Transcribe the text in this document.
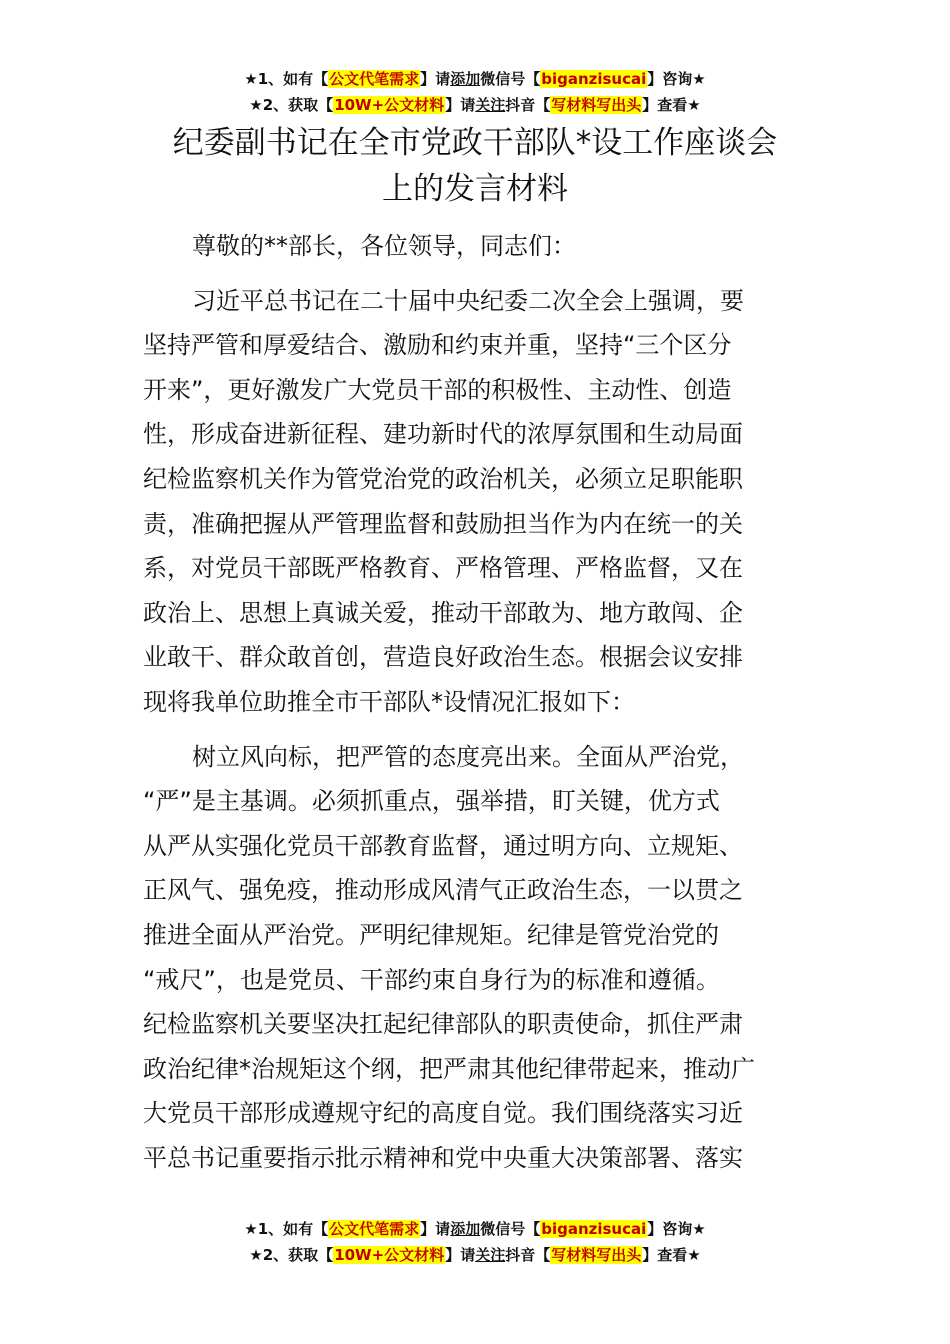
★1、如有【公文代笔需求】请添加微信号【biganzisucai】咨询★
★2、获取【10W+公文材料】请关注抖音【写材料写出头】查看★
纪委副书记在全市党政干部队*设工作座谈会
上的发言材料

尊敬的**部长，各位领导，同志们：

习近平总书记在二十届中央纪委二次全会上强调，要
坚持严管和厚爱结合、激励和约束并重，坚持“三个区分
开来”，更好激发广大党员干部的积极性、主动性、创造
性，形成奋进新征程、建功新时代的浓厚氛围和生动局面
纪检监察机关作为管党治党的政治机关，必须立足职能职
责，准确把握从严管理监督和鼓励担当作为内在统一的关
系，对党员干部既严格教育、严格管理、严格监督，又在
政治上、思想上真诚关爱，推动干部敢为、地方敢闯、企
业敢干、群众敢首创，营造良好政治生态。根据会议安排
现将我单位助推全市干部队*设情况汇报如下：

树立风向标，把严管的态度亮出来。全面从严治党，
“严”是主基调。必须抓重点，强举措，盯关键，优方式
从严从实强化党员干部教育监督，通过明方向、立规矩、
正风气、强免疫，推动形成风清气正政治生态，一以贯之
推进全面从严治党。严明纪律规矩。纪律是管党治党的
“戒尺”，也是党员、干部约束自身行为的标准和遵循。
纪检监察机关要坚决扛起纪律部队的职责使命，抓住严肃
政治纪律*治规矩这个纲，把严肃其他纪律带起来，推动广
大党员干部形成遵规守纪的高度自觉。我们围绕落实习近
平总书记重要指示批示精神和党中央重大决策部署、落实

★1、如有【公文代笔需求】请添加微信号【biganzisucai】咨询★
★2、获取【10W+公文材料】请关注抖音【写材料写出头】查看★
